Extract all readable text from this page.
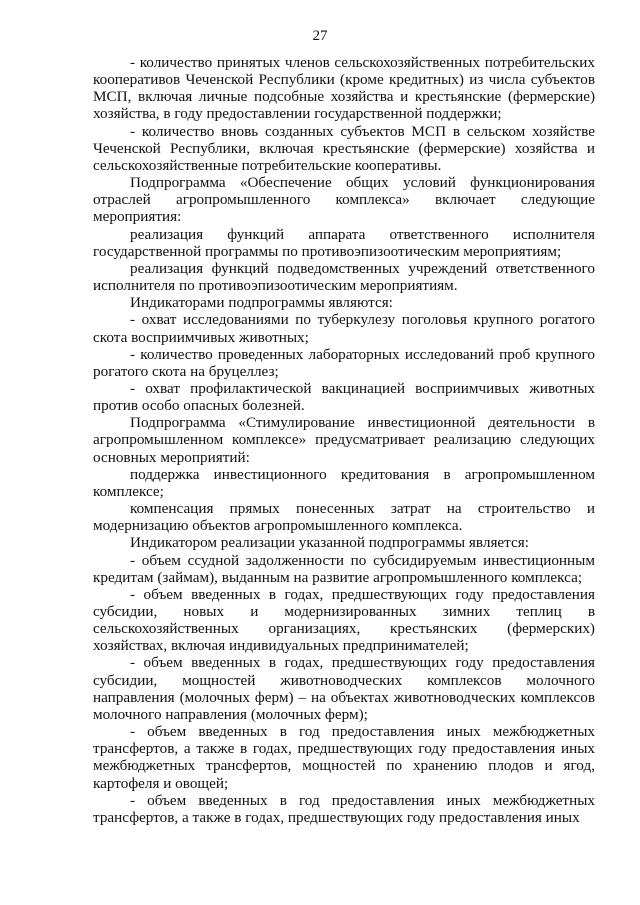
27

- количество принятых членов сельскохозяйственных потребительских кооперативов Чеченской Республики (кроме кредитных) из числа субъектов МСП, включая личные подсобные хозяйства и крестьянские (фермерские) хозяйства, в году предоставлении государственной поддержки;

- количество вновь созданных субъектов МСП в сельском хозяйстве Чеченской Республики, включая крестьянские (фермерские) хозяйства и сельскохозяйственные потребительские кооперативы.

Подпрограмма «Обеспечение общих условий функционирования отраслей агропромышленного комплекса» включает следующие мероприятия:

реализация функций аппарата ответственного исполнителя государственной программы по противоэпизоотическим мероприятиям;

реализация функций подведомственных учреждений ответственного исполнителя по противоэпизоотическим мероприятиям.

Индикаторами подпрограммы являются:

- охват исследованиями по туберкулезу поголовья крупного рогатого скота восприимчивых животных;

- количество проведенных лабораторных исследований проб крупного рогатого скота на бруцеллез;

- охват профилактической вакцинацией восприимчивых животных против особо опасных болезней.

Подпрограмма «Стимулирование инвестиционной деятельности в агропромышленном комплексе» предусматривает реализацию следующих основных мероприятий:

поддержка инвестиционного кредитования в агропромышленном комплексе;

компенсация прямых понесенных затрат на строительство и модернизацию объектов агропромышленного комплекса.

Индикатором реализации указанной подпрограммы является:

- объем ссудной задолженности по субсидируемым инвестиционным кредитам (займам), выданным на развитие агропромышленного комплекса;

- объем введенных в годах, предшествующих году предоставления субсидии, новых и модернизированных зимних теплиц в сельскохозяйственных организациях, крестьянских (фермерских) хозяйствах, включая индивидуальных предпринимателей;

- объем введенных в годах, предшествующих году предоставления субсидии, мощностей животноводческих комплексов молочного направления (молочных ферм) – на объектах животноводческих комплексов молочного направления (молочных ферм);

- объем введенных в год предоставления иных межбюджетных трансфертов, а также в годах, предшествующих году предоставления иных межбюджетных трансфертов, мощностей по хранению плодов и ягод, картофеля и овощей;

- объем введенных в год предоставления иных межбюджетных трансфертов, а также в годах, предшествующих году предоставления иных
